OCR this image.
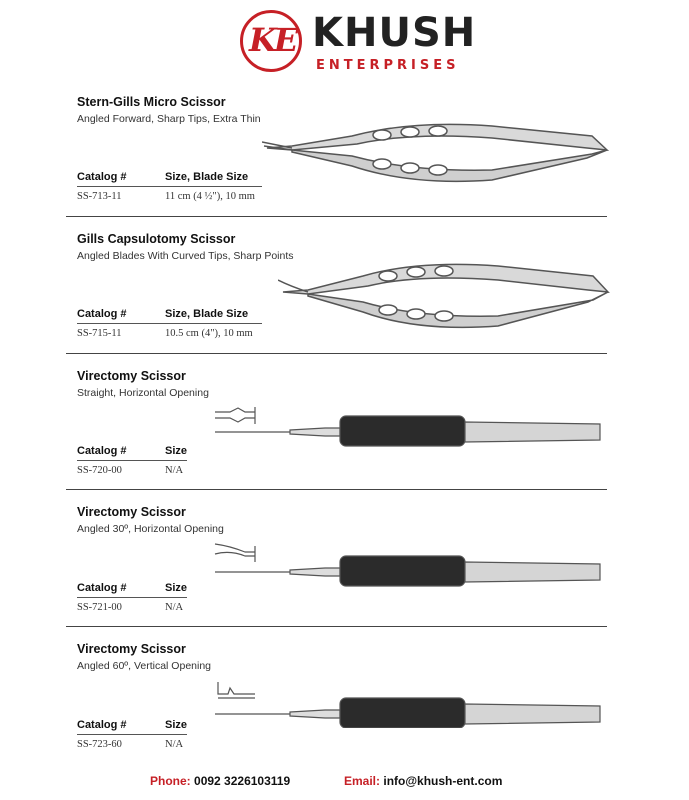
KE KHUSH
ENTERPRISES
Stern-Gills Micro Scissor
Angled Forward, Sharp Tips, Extra Thin
Catalog #	Size, Blade Size
SS-713-11	11 cm (4 ½"), 10 mm
Gills Capsulotomy Scissor
Angled Blades With Curved Tips, Sharp Points
Catalog #	Size, Blade Size
SS-715-11	10.5 cm (4"), 10 mm
Virectomy Scissor
Straight, Horizontal Opening
Catalog #	Size
SS-720-00	N/A
Virectomy Scissor
Angled 30º, Horizontal Opening
Catalog #	Size
SS-721-00	N/A
Virectomy Scissor
Angled 60º, Vertical Opening
Catalog #	Size
SS-723-60	N/A
Phone: 0092 3226103119	Email: info@khush-ent.com
